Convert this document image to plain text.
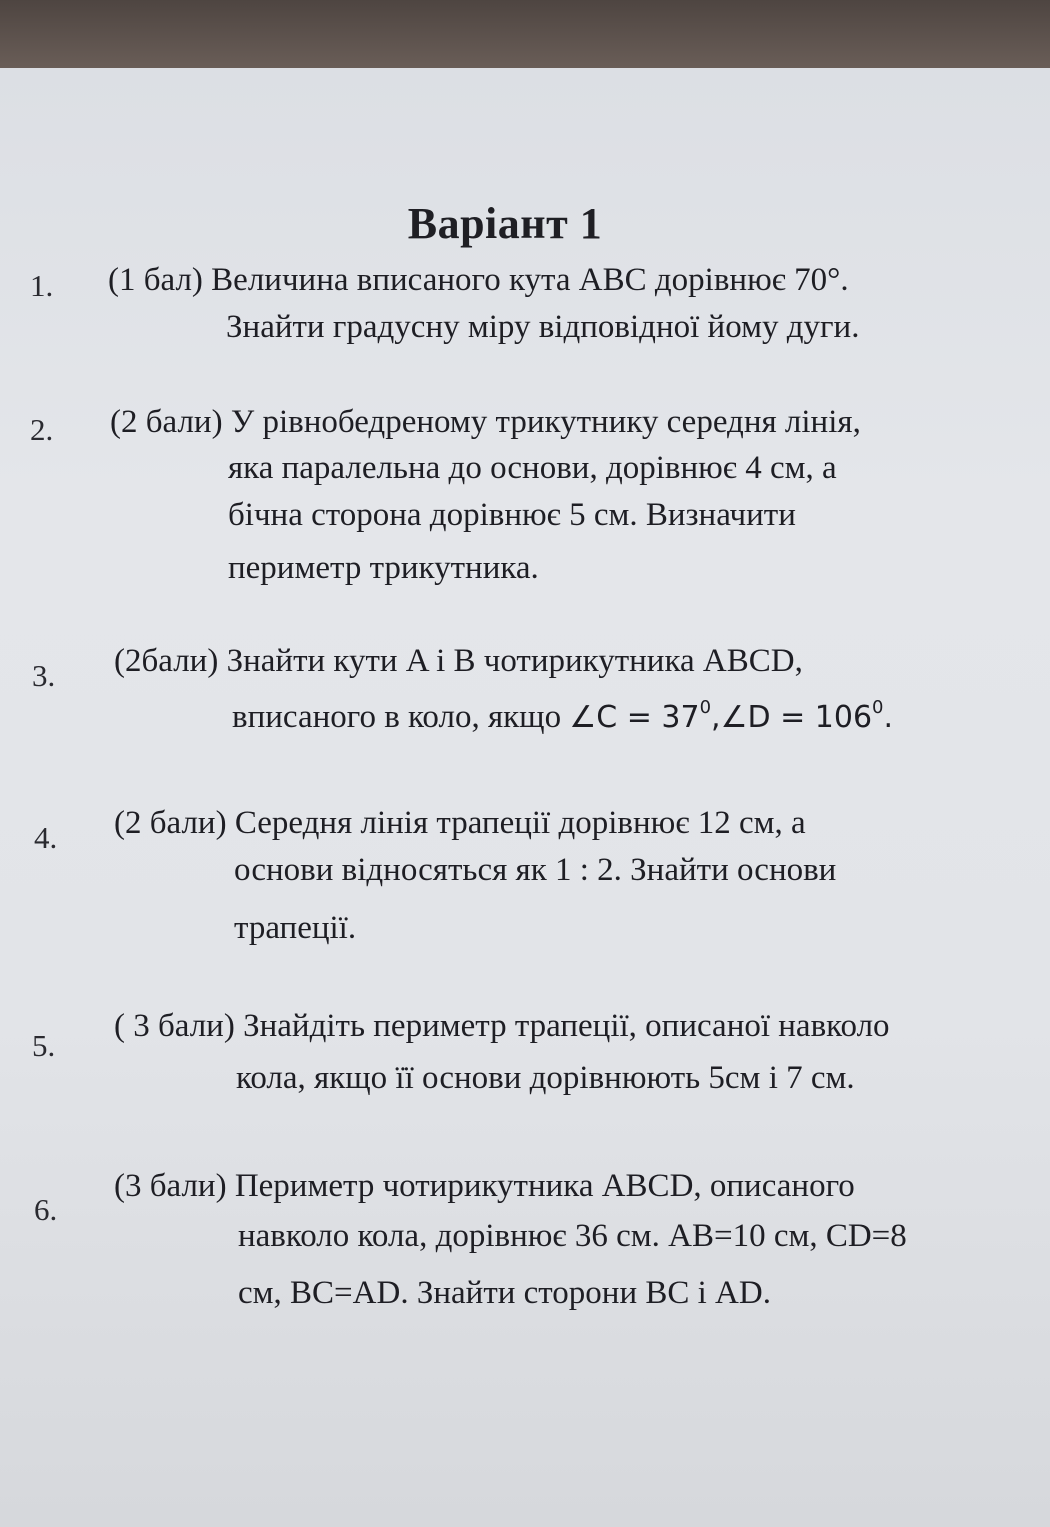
Варіант 1
1. (1 бал) Величина вписаного кута ABC дорівнює 70°.
Знайти градусну міру відповідної йому дуги.
2. (2 бали) У рівнобедреному трикутнику середня лінія,
яка паралельна до основи, дорівнює 4 см, а
бічна сторона дорівнює 5 см. Визначити
периметр трикутника.
3. (2бали) Знайти кути A і B чотирикутника ABCD,
вписаного в коло, якщо ∠C = $37^0,\angle D = 106^0$.
4. (2 бали) Середня лінія трапеції дорівнює 12 см, а
основи відносяться як 1 : 2. Знайти основи
трапеції.
5.
( 3 бали) Знайдіть периметр трапеції, описаної навколо
кола, якщо її основи дорівнюють 5см і 7 см.
6.
(3 бали) Периметр чотирикутника ABCD, описаного
навколо кола, дорівнює 36 см. AB=10 см, CD=8
см, BC=AD. Знайти сторони BC і AD.
